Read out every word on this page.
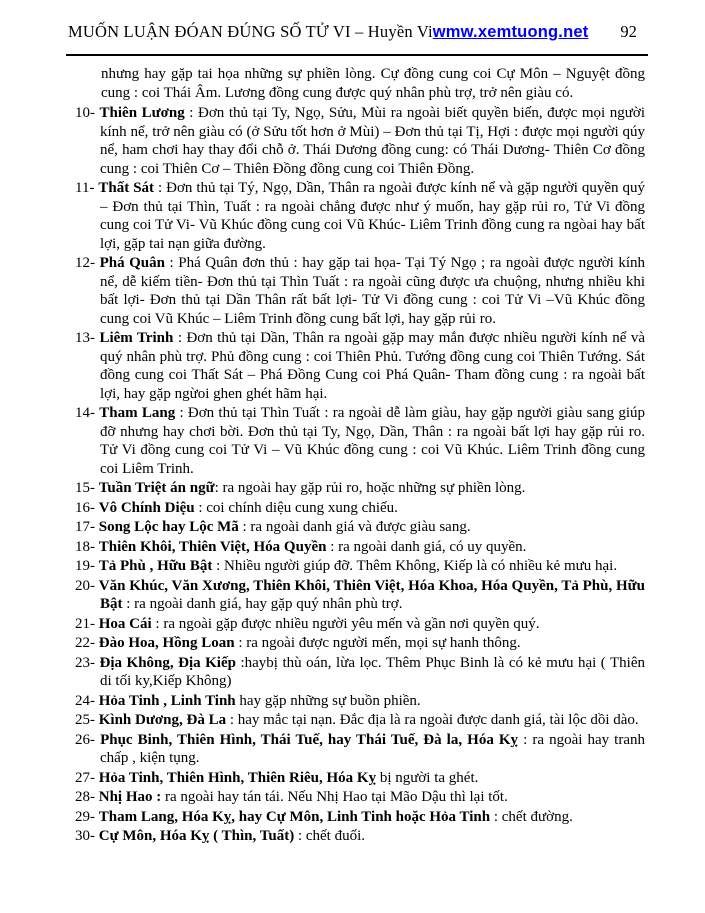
MUỐN LUẬN ĐÓAN ĐÚNG SỐ TỬ VI – Huyền Vi wmw.xemtuong.net 92

nhưng hay gặp tai họa những sự phiền lòng. Cự đồng cung coi Cự Môn – Nguyệt đồng cung : coi Thái Âm. Lương đồng cung được quý nhân phù trợ, trở nên giàu có.

10- Thiên Lương : Đơn thủ tại Ty, Ngọ, Sửu, Mùi ra ngoài biết quyền biến, được mọi người kính nể, trở nên giàu có (ở Sửu tốt hơn ở Mùi) – Đơn thủ tại Tị, Hợi : được mọi người qúy nể, ham chơi hay thay đổi chỗ ở. Thái Dương đồng cung: có Thái Dương- Thiên Cơ đồng cung : coi Thiên Cơ – Thiên Đồng đồng cung coi Thiên Đồng.
11- Thất Sát : Đơn thủ tại Tý, Ngọ, Dần, Thân ra ngoài được kính nể và gặp người quyền quý – Đơn thủ tại Thìn, Tuất : ra ngoài chẳng được như ý muốn, hay gặp rủi ro, Tử Vi đồng cung coi Tử Vi- Vũ Khúc đồng cung coi Vũ Khúc- Liêm Trinh đồng cung ra ngòai hay bất lợi, gặp tai nạn giữa đường.
12- Phá Quân : Phá Quân đơn thủ : hay gặp tai họa- Tại Tý Ngọ ; ra ngoài được người kính nể, dễ kiếm tiền- Đơn thủ tại Thìn Tuất : ra ngoài cũng được ưa chuộng, nhưng nhiều khi bất lợi- Đơn thủ tại Dần Thân rất bất lợi- Tử Vi đồng cung : coi Tử Vi –Vũ Khúc đồng cung coi Vũ Khúc – Liêm Trinh đồng cung bất lợi, hay gặp rủi ro.
13- Liêm Trinh : Đơn thủ tại Dần, Thân ra ngoài gặp may mắn được nhiều người kính nể và quý nhân phù trợ. Phủ đồng cung : coi Thiên Phủ. Tướng đồng cung coi Thiên Tướng. Sát đồng cung coi Thất Sát – Phá Đồng Cung coi Phá Quân- Tham đồng cung : ra ngoài bất lợi, hay gặp ngừoi ghen ghét hãm hại.
14- Tham Lang : Đơn thủ tại Thìn Tuất : ra ngoài dễ làm giàu, hay gặp người giàu sang giúp đỡ nhưng hay chơi bời. Đơn thủ tại Ty, Ngọ, Dần, Thân : ra ngoài bất lợi hay gặp rủi ro. Tử Vi đồng cung coi Tử Vi – Vũ Khúc đồng cung : coi Vũ Khúc. Liêm Trinh đồng cung coi Liêm Trinh.
15- Tuần Triệt án ngữ: ra ngoài hay gặp rủi ro, hoặc những sự phiền lòng.
16- Vô Chính Diệu : coi chính diệu cung xung chiếu.
17- Song Lộc hay Lộc Mã : ra ngoài danh giá và được giàu sang.
18- Thiên Khôi, Thiên Việt, Hóa Quyền : ra ngoài danh giá, có uy quyền.
19- Tả Phù , Hữu Bật : Nhiều người giúp đỡ. Thêm Không, Kiếp là có nhiều kẻ mưu hại.
20- Văn Khúc, Văn Xương, Thiên Khôi, Thiên Việt, Hóa Khoa, Hóa Quyền, Tả Phù, Hữu Bật : ra ngoài danh giá, hay gặp quý nhân phù trợ.
21- Hoa Cái : ra ngoài gặp được nhiều người yêu mến và gần nơi quyền quý.
22- Đào Hoa, Hồng Loan : ra ngoài được người mến, mọi sự hanh thông.
23- Địa Không, Địa Kiếp :haybị thù oán, lừa lọc. Thêm Phục Binh là có kẻ mưu hại ( Thiên di tối ky,Kiếp Không)
24- Hỏa Tinh , Linh Tinh hay gặp những sự buồn phiền.
25- Kình Dương, Đà La : hay mắc tại nạn. Đắc địa là ra ngoài được danh giá, tài lộc dồi dào.
26- Phục Binh, Thiên Hình, Thái Tuế, hay Thái Tuế, Đà la, Hóa Kỵ : ra ngoài hay tranh chấp , kiện tụng.
27- Hỏa Tinh, Thiên Hình, Thiên Riêu, Hóa Kỵ bị người ta ghét.
28- Nhị Hao : ra ngoài hay tán tái. Nếu Nhị Hao tại Mão Dậu thì lại tốt.
29- Tham Lang, Hóa Kỵ, hay Cự Môn, Linh Tinh hoặc Hỏa Tinh : chết đường.
30- Cự Môn, Hóa Kỵ ( Thìn, Tuất) : chết đuối.
